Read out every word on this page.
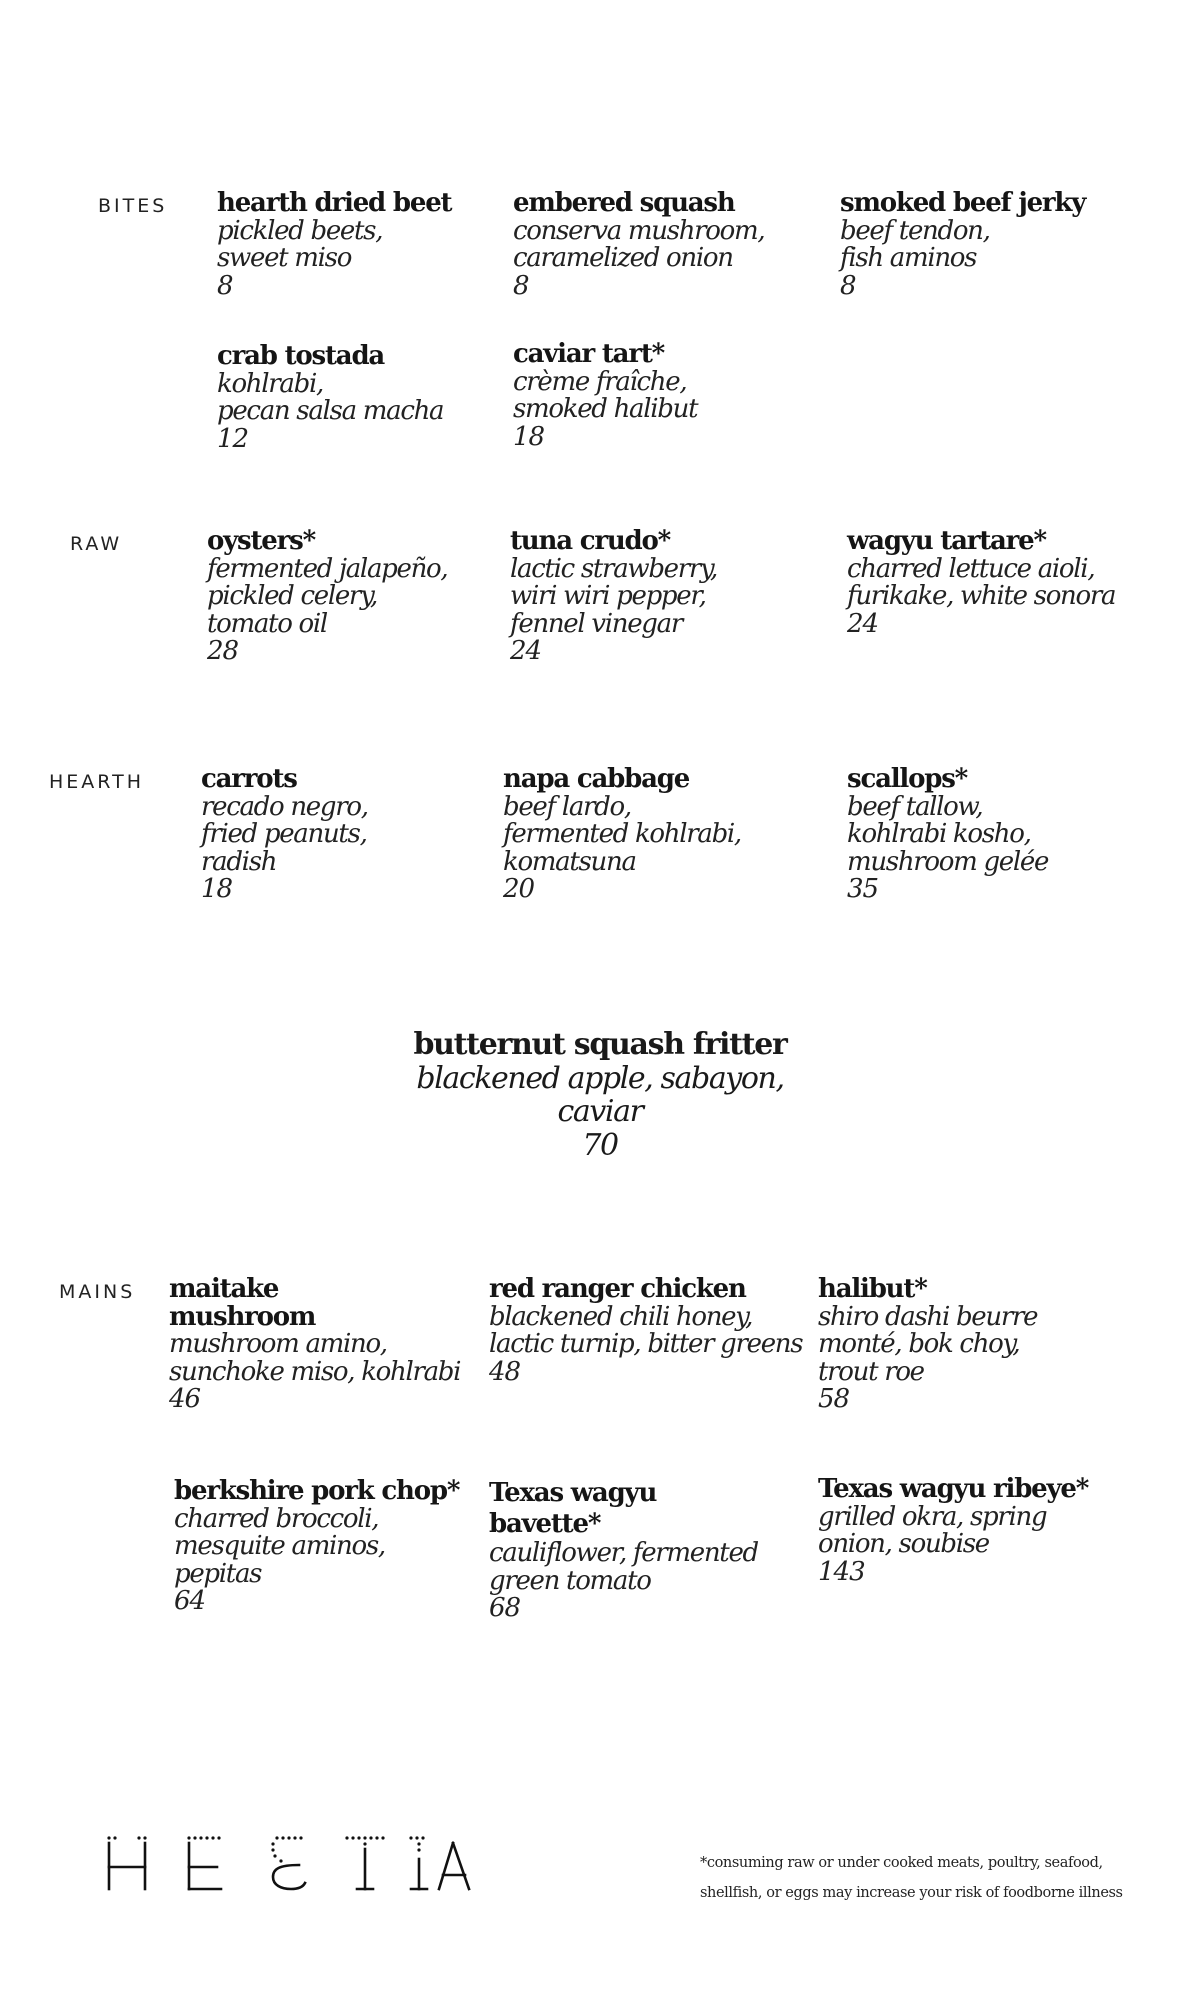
BITES hearth dried beet
pickled beets,
sweet miso
8
embered squash
conserva mushroom,
caramelized onion
8
smoked beef jerky
beef tendon,
fish aminos
8
crab tostada
kohlrabi,
pecan salsa macha
12
caviar tart*
crème fraîche,
smoked halibut
18
RAW	oysters*
fermented jalapeño,
pickled celery,
tomato oil
28
tuna crudo*
lactic strawberry,
wiri wiri pepper,
fennel vinegar
24
wagyu tartare*
charred lettuce aioli,
furikake, white sonora
24
HEARTH carrots
recado negro,
fried peanuts,
radish
18
napa cabbage
beef lardo,
fermented kohlrabi,
komatsuna
20
scallops*
beef tallow,
kohlrabi kosho,
mushroom gelée
35
butternut squash fritter
blackened apple, sabayon,
caviar
70
MAINS maitake
mushroom
mushroom amino,
sunchoke miso, kohlrabi
46
red ranger chicken
blackened chili honey,
lactic turnip, bitter greens
48
halibut*
shiro dashi beurre
monté, bok choy,
trout roe
58
berkshire pork chop*
charred broccoli,
mesquite aminos,
pepitas
64
Texas wagyu
bavette*
cauliflower, fermented
green tomato
68
Texas wagyu ribeye*
grilled okra, spring
onion, soubise
143
*consuming raw or under cooked meats, poultry, seafood,
shellfish, or eggs may increase your risk of foodborne illness
